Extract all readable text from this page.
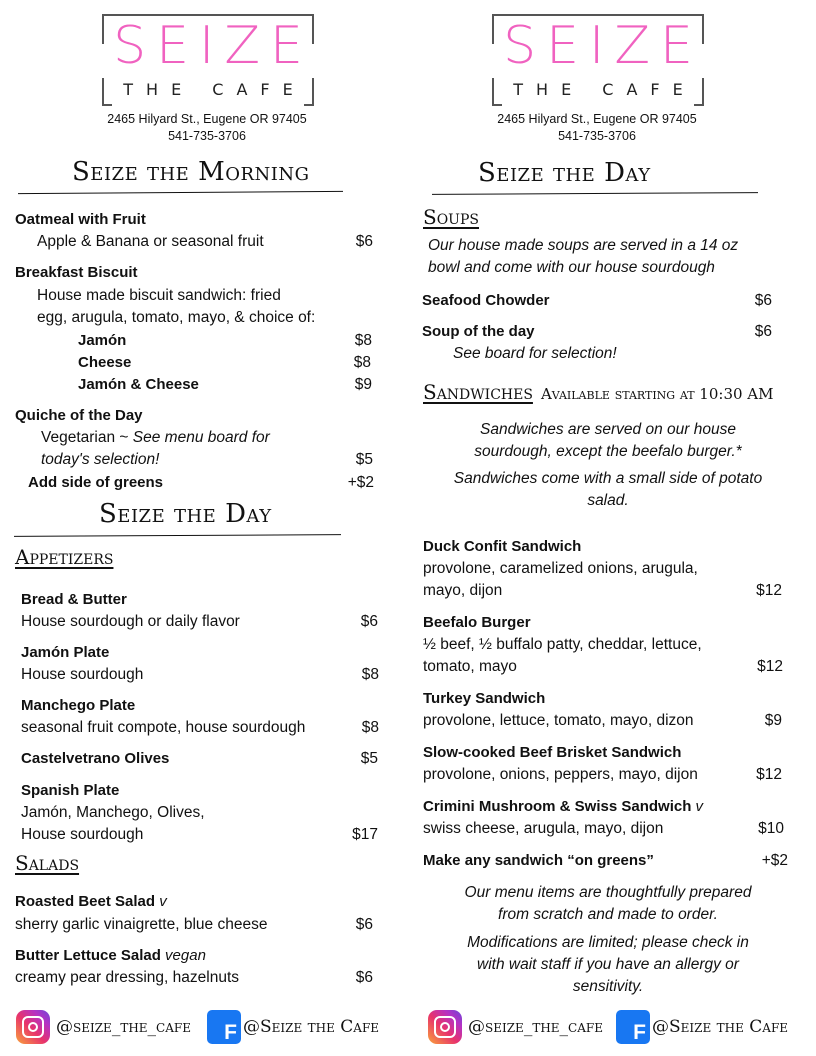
SEIZE
THE CAFE
2465 Hilyard St., Eugene OR 97405
541-735-3706
SEIZE
THE CAFE
2465 Hilyard St., Eugene OR 97405
541-735-3706
Seize the Morning
Oatmeal with Fruit
Apple & Banana or seasonal fruit	$6
Breakfast Biscuit
House made biscuit sandwich: fried
egg, arugula, tomato, mayo, & choice of:
Jamón	$8
Cheese	$8
Jamón & Cheese	$9
Quiche of the Day
Vegetarian ~ See menu board for
today's selection!	$5
Add side of greens	+$2
Seize the Day
Appetizers
Bread & Butter
House sourdough or daily flavor	$6
Jamón Plate
House sourdough	$8
Manchego Plate
seasonal fruit compote, house sourdough	$8
Castelvetrano Olives	$5
Spanish Plate
Jamón, Manchego, Olives,
House sourdough	$17
Salads
Roasted Beet Salad v
sherry garlic vinaigrette, blue cheese	$6
Butter Lettuce Salad vegan
creamy pear dressing, hazelnuts	$6
Seize the Day
Soups
Our house made soups are served in a 14 oz
bowl and come with our house sourdough
Seafood Chowder	$6
Soup of the day	$6
See board for selection!
Sandwiches Available starting at 10:30 AM
Sandwiches are served on our house
sourdough, except the beefalo burger.*
Sandwiches come with a small side of potato
salad.
Duck Confit Sandwich
provolone, caramelized onions, arugula,
mayo, dijon	$12
Beefalo Burger
½ beef, ½ buffalo patty, cheddar, lettuce,
tomato, mayo	$12
Turkey Sandwich
provolone, lettuce, tomato, mayo, dizon	$9
Slow-cooked Beef Brisket Sandwich
provolone, onions, peppers, mayo, dijon	$12
Crimini Mushroom & Swiss Sandwich v
swiss cheese, arugula, mayo, dijon	$10
Make any sandwich “on greens”	+$2
Our menu items are thoughtfully prepared
from scratch and made to order.
Modifications are limited; please check in
with wait staff if you have an allergy or
sensitivity.
@seize_the_cafe	f @Seize the Cafe	@seize_the_cafe	f @Seize the Cafe
